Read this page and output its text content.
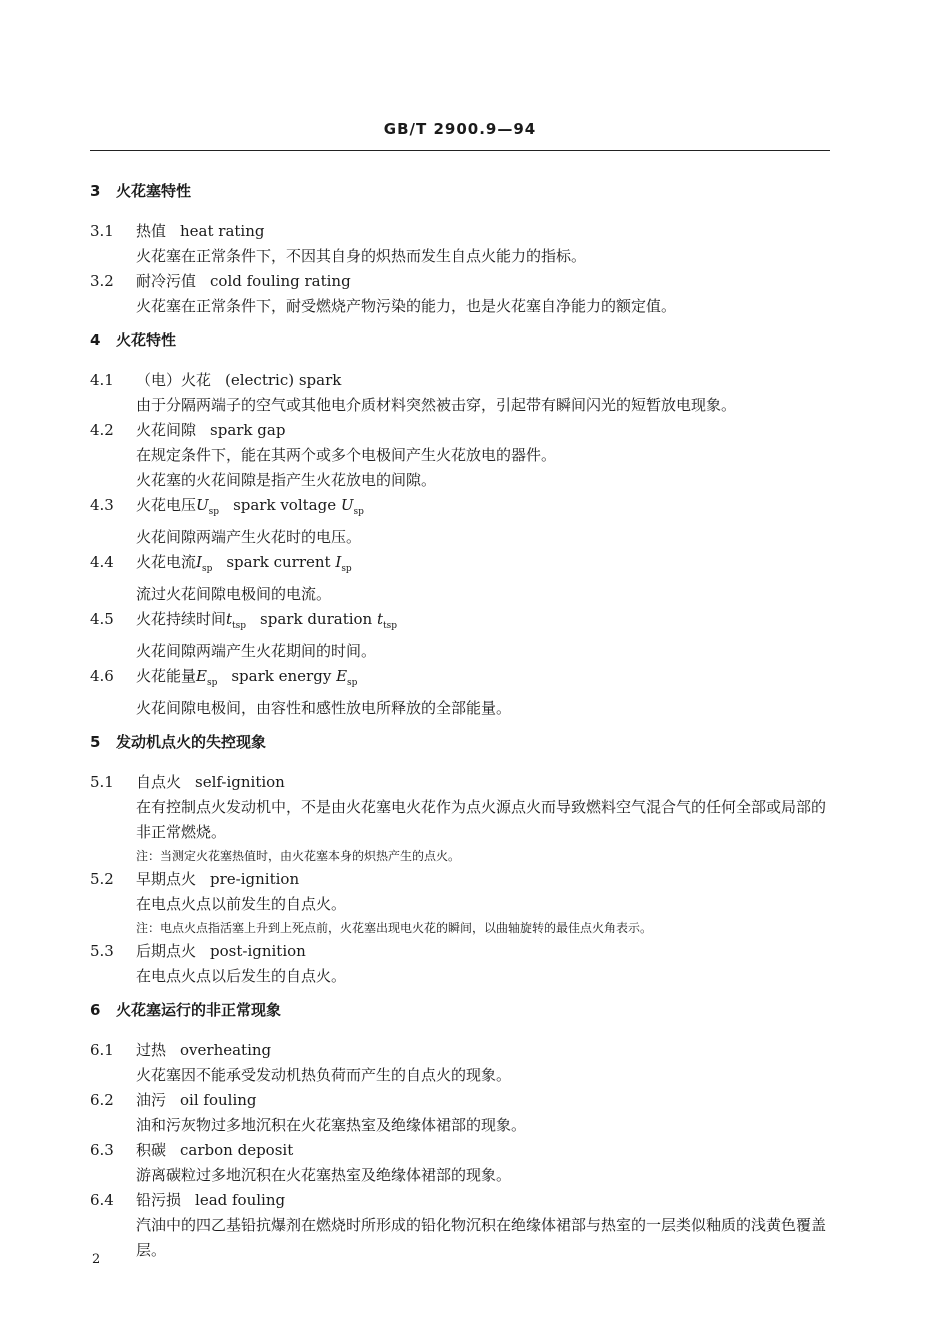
GB/T 2900.9—94
3 火花塞特性
3.1 热值 heat rating
火花塞在正常条件下，不因其自身的炽热而发生自点火能力的指标。
3.2 耐冷污值 cold fouling rating
火花塞在正常条件下，耐受燃烧产物污染的能力，也是火花塞自净能力的额定值。
4 火花特性
4.1 （电）火花 (electric) spark
由于分隔两端子的空气或其他电介质材料突然被击穿，引起带有瞬间闪光的短暂放电现象。
4.2 火花间隙 spark gap
在规定条件下，能在其两个或多个电极间产生火花放电的器件。
火花塞的火花间隙是指产生火花放电的间隙。
4.3 火花电压$U_{sp}$ spark voltage $U_{sp}$
火花间隙两端产生火花时的电压。
4.4 火花电流$I_{sp}$ spark current $I_{sp}$
流过火花间隙电极间的电流。
4.5 火花持续时间$t_{tsp}$ spark duration $t_{tsp}$
火花间隙两端产生火花期间的时间。
4.6 火花能量$E_{sp}$ spark energy $E_{sp}$
火花间隙电极间，由容性和感性放电所释放的全部能量。
5 发动机点火的失控现象
5.1 自点火 self-ignition
在有控制点火发动机中，不是由火花塞电火花作为点火源点火而导致燃料空气混合气的任何全部或局部的非正常燃烧。
注：当测定火花塞热值时，由火花塞本身的炽热产生的点火。
5.2 早期点火 pre-ignition
在电点火点以前发生的自点火。
注：电点火点指活塞上升到上死点前，火花塞出现电火花的瞬间，以曲轴旋转的最佳点火角表示。
5.3 后期点火 post-ignition
在电点火点以后发生的自点火。
6 火花塞运行的非正常现象
6.1 过热 overheating
火花塞因不能承受发动机热负荷而产生的自点火的现象。
6.2 油污 oil fouling
油和污灰物过多地沉积在火花塞热室及绝缘体裙部的现象。
6.3 积碳 carbon deposit
游离碳粒过多地沉积在火花塞热室及绝缘体裙部的现象。
6.4 铅污损 lead fouling
汽油中的四乙基铅抗爆剂在燃烧时所形成的铅化物沉积在绝缘体裙部与热室的一层类似釉质的浅黄色覆盖层。
2
